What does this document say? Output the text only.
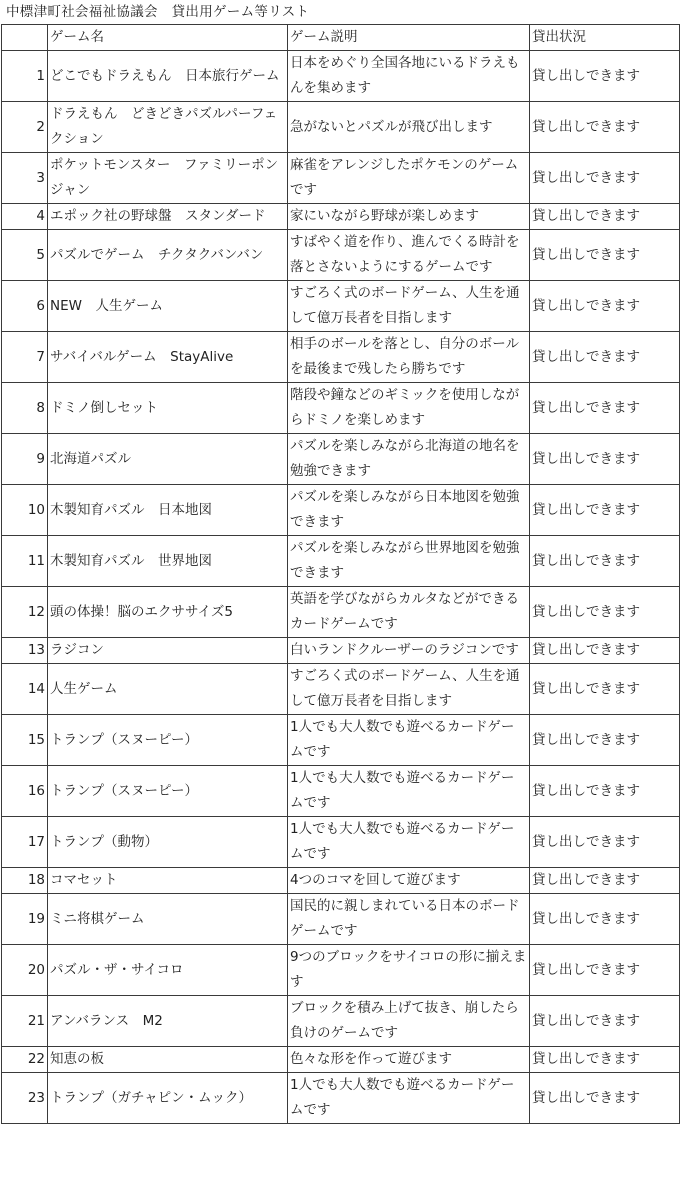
中標津町社会福祉協議会　貸出用ゲーム等リスト
	ゲーム名	ゲーム説明	貸出状況
1	どこでもドラえもん　日本旅行ゲーム	日本をめぐり全国各地にいるドラえもんを集めます	貸し出しできます
2	ドラえもん　どきどきパズルパーフェクション	急がないとパズルが飛び出します	貸し出しできます
3	ポケットモンスター　ファミリーポンジャン	麻雀をアレンジしたポケモンのゲームです	貸し出しできます
4	エポック社の野球盤　スタンダード	家にいながら野球が楽しめます	貸し出しできます
5	パズルでゲーム　チクタクバンバン	すばやく道を作り、進んでくる時計を落とさないようにするゲームです	貸し出しできます
6	NEW　人生ゲーム	すごろく式のボードゲーム、人生を通して億万長者を目指します	貸し出しできます
7	サバイバルゲーム　StayAlive	相手のボールを落とし、自分のボールを最後まで残したら勝ちです	貸し出しできます
8	ドミノ倒しセット	階段や鐘などのギミックを使用しながらドミノを楽しめます	貸し出しできます
9	北海道パズル	パズルを楽しみながら北海道の地名を勉強できます	貸し出しできます
10	木製知育パズル　日本地図	パズルを楽しみながら日本地図を勉強できます	貸し出しできます
11	木製知育パズル　世界地図	パズルを楽しみながら世界地図を勉強できます	貸し出しできます
12	頭の体操！脳のエクササイズ5	英語を学びながらカルタなどができるカードゲームです	貸し出しできます
13	ラジコン	白いランドクルーザーのラジコンです	貸し出しできます
14	人生ゲーム	すごろく式のボードゲーム、人生を通して億万長者を目指します	貸し出しできます
15	トランプ（スヌーピー）	1人でも大人数でも遊べるカードゲームです	貸し出しできます
16	トランプ（スヌーピー）	1人でも大人数でも遊べるカードゲームです	貸し出しできます
17	トランプ（動物）	1人でも大人数でも遊べるカードゲームです	貸し出しできます
18	コマセット	4つのコマを回して遊びます	貸し出しできます
19	ミニ将棋ゲーム	国民的に親しまれている日本のボードゲームです	貸し出しできます
20	パズル・ザ・サイコロ	9つのブロックをサイコロの形に揃えます	貸し出しできます
21	アンバランス　M2	ブロックを積み上げて抜き、崩したら負けのゲームです	貸し出しできます
22	知恵の板	色々な形を作って遊びます	貸し出しできます
23	トランプ（ガチャピン・ムック）	1人でも大人数でも遊べるカードゲームです	貸し出しできます
